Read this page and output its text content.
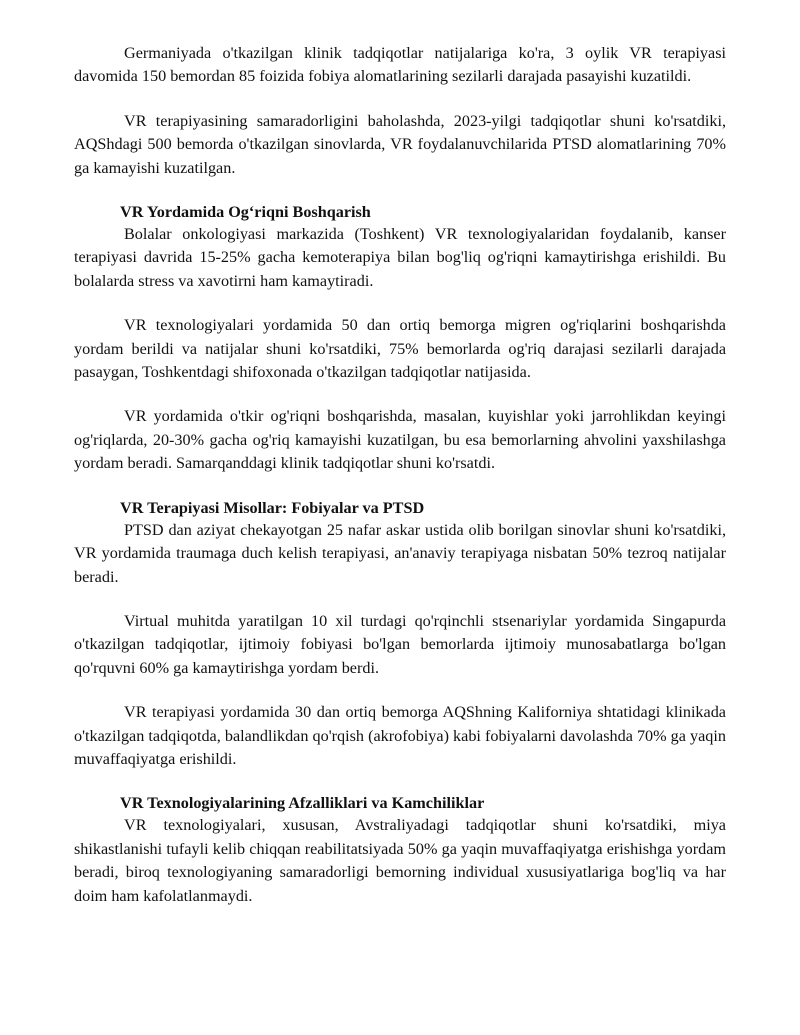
Germaniyada o'tkazilgan klinik tadqiqotlar natijalariga ko'ra, 3 oylik VR terapiyasi davomida 150 bemordan 85 foizida fobiya alomatlarining sezilarli darajada pasayishi kuzatildi.

VR terapiyasining samaradorligini baholashda, 2023-yilgi tadqiqotlar shuni ko'rsatdiki, AQShdagi 500 bemorda o'tkazilgan sinovlarda, VR foydalanuvchilarida PTSD alomatlarining 70% ga kamayishi kuzatilgan.

VR Yordamida Og‘riqni Boshqarish

Bolalar onkologiyasi markazida (Toshkent) VR texnologiyalaridan foydalanib, kanser terapiyasi davrida 15-25% gacha kemoterapiya bilan bog'liq og'riqni kamaytirishga erishildi. Bu bolalarda stress va xavotirni ham kamaytiradi.

VR texnologiyalari yordamida 50 dan ortiq bemorga migren og'riqlarini boshqarishda yordam berildi va natijalar shuni ko'rsatdiki, 75% bemorlarda og'riq darajasi sezilarli darajada pasaygan, Toshkentdagi shifoxonada o'tkazilgan tadqiqotlar natijasida.

VR yordamida o'tkir og'riqni boshqarishda, masalan, kuyishlar yoki jarrohlikdan keyingi og'riqlarda, 20-30% gacha og'riq kamayishi kuzatilgan, bu esa bemorlarning ahvolini yaxshilashga yordam beradi. Samarqanddagi klinik tadqiqotlar shuni ko'rsatdi.

VR Terapiyasi Misollar: Fobiyalar va PTSD

PTSD dan aziyat chekayotgan 25 nafar askar ustida olib borilgan sinovlar shuni ko'rsatdiki, VR yordamida traumaga duch kelish terapiyasi, an'anaviy terapiyaga nisbatan 50% tezroq natijalar beradi.

Virtual muhitda yaratilgan 10 xil turdagi qo'rqinchli stsenariylar yordamida Singapurda o'tkazilgan tadqiqotlar, ijtimoiy fobiyasi bo'lgan bemorlarda ijtimoiy munosabatlarga bo'lgan qo'rquvni 60% ga kamaytirishga yordam berdi.

VR terapiyasi yordamida 30 dan ortiq bemorga AQShning Kaliforniya shtatidagi klinikada o'tkazilgan tadqiqotda, balandlikdan qo'rqish (akrofobiya) kabi fobiyalarni davolashda 70% ga yaqin muvaffaqiyatga erishildi.

VR Texnologiyalarining Afzalliklari va Kamchiliklar

VR texnologiyalari, xususan, Avstraliyadagi tadqiqotlar shuni ko'rsatdiki, miya shikastlanishi tufayli kelib chiqqan reabilitatsiyada 50% ga yaqin muvaffaqiyatga erishishga yordam beradi, biroq texnologiyaning samaradorligi bemorning individual xususiyatlariga bog'liq va har doim ham kafolatlanmaydi.
